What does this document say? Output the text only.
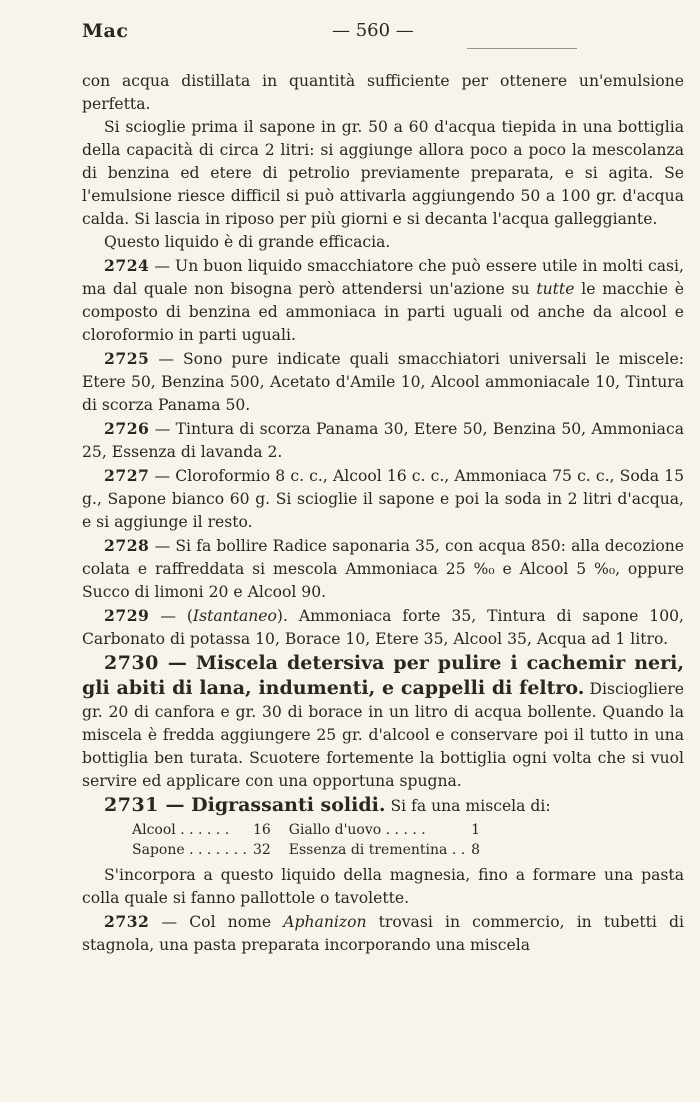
Mac	— 560 —

con acqua distillata in quantità sufficiente per ottenere un'emulsione perfetta.

Si scioglie prima il sapone in gr. 50 a 60 d'acqua tiepida in una bottiglia della capacità di circa 2 litri: si aggiunge allora poco a poco la mescolanza di benzina ed etere di petrolio previamente preparata, e si agita. Se l'emulsione riesce difficil si può attivarla aggiungendo 50 a 100 gr. d'acqua calda. Si lascia in riposo per più giorni e si decanta l'acqua galleggiante.

Questo liquido è di grande efficacia.

2724 — Un buon liquido smacchiatore che può essere utile in molti casi, ma dal quale non bisogna però attendersi un'azione su tutte le macchie è composto di benzina ed ammoniaca in parti uguali od anche da alcool e cloroformio in parti uguali.

2725 — Sono pure indicate quali smacchiatori universali le miscele: Etere 50, Benzina 500, Acetato d'Amile 10, Alcool ammoniacale 10, Tintura di scorza Panama 50.

2726 — Tintura di scorza Panama 30, Etere 50, Benzina 50, Ammoniaca 25, Essenza di lavanda 2.

2727 — Cloroformio 8 c. c., Alcool 16 c. c., Ammoniaca 75 c. c., Soda 15 g., Sapone bianco 60 g. Si scioglie il sapone e poi la soda in 2 litri d'acqua, e si aggiunge il resto.

2728 — Si fa bollire Radice saponaria 35, con acqua 850: alla decozione colata e raffreddata si mescola Ammoniaca 25 %₀ e Alcool 5 %₀, oppure Succo di limoni 20 e Alcool 90.

2729 — (Istantaneo). Ammoniaca forte 35, Tintura di sapone 100, Carbonato di potassa 10, Borace 10, Etere 35, Alcool 35, Acqua ad 1 litro.

2730 — Miscela detersiva per pulire i cachemir neri, gli abiti di lana, indumenti, e cappelli di feltro. Disciogliere gr. 20 di canfora e gr. 30 di borace in un litro di acqua bollente. Quando la miscela è fredda aggiungere 25 gr. d'alcool e conservare poi il tutto in una bottiglia ben turata. Scuotere fortemente la bottiglia ogni volta che si vuol servire ed applicare con una opportuna spugna.

2731 — Digrassanti solidi. Si fa una miscela di:

Alcool . . . . . .	16	Giallo d'uovo . . . . .	1
Sapone . . . . . . .	32	Essenza di trementina . .	8

S'incorpora a questo liquido della magnesia, fino a formare una pasta colla quale si fanno pallottole o tavolette.

2732 — Col nome Aphanizon trovasi in commercio, in tubetti di stagnola, una pasta preparata incorporando una miscela
